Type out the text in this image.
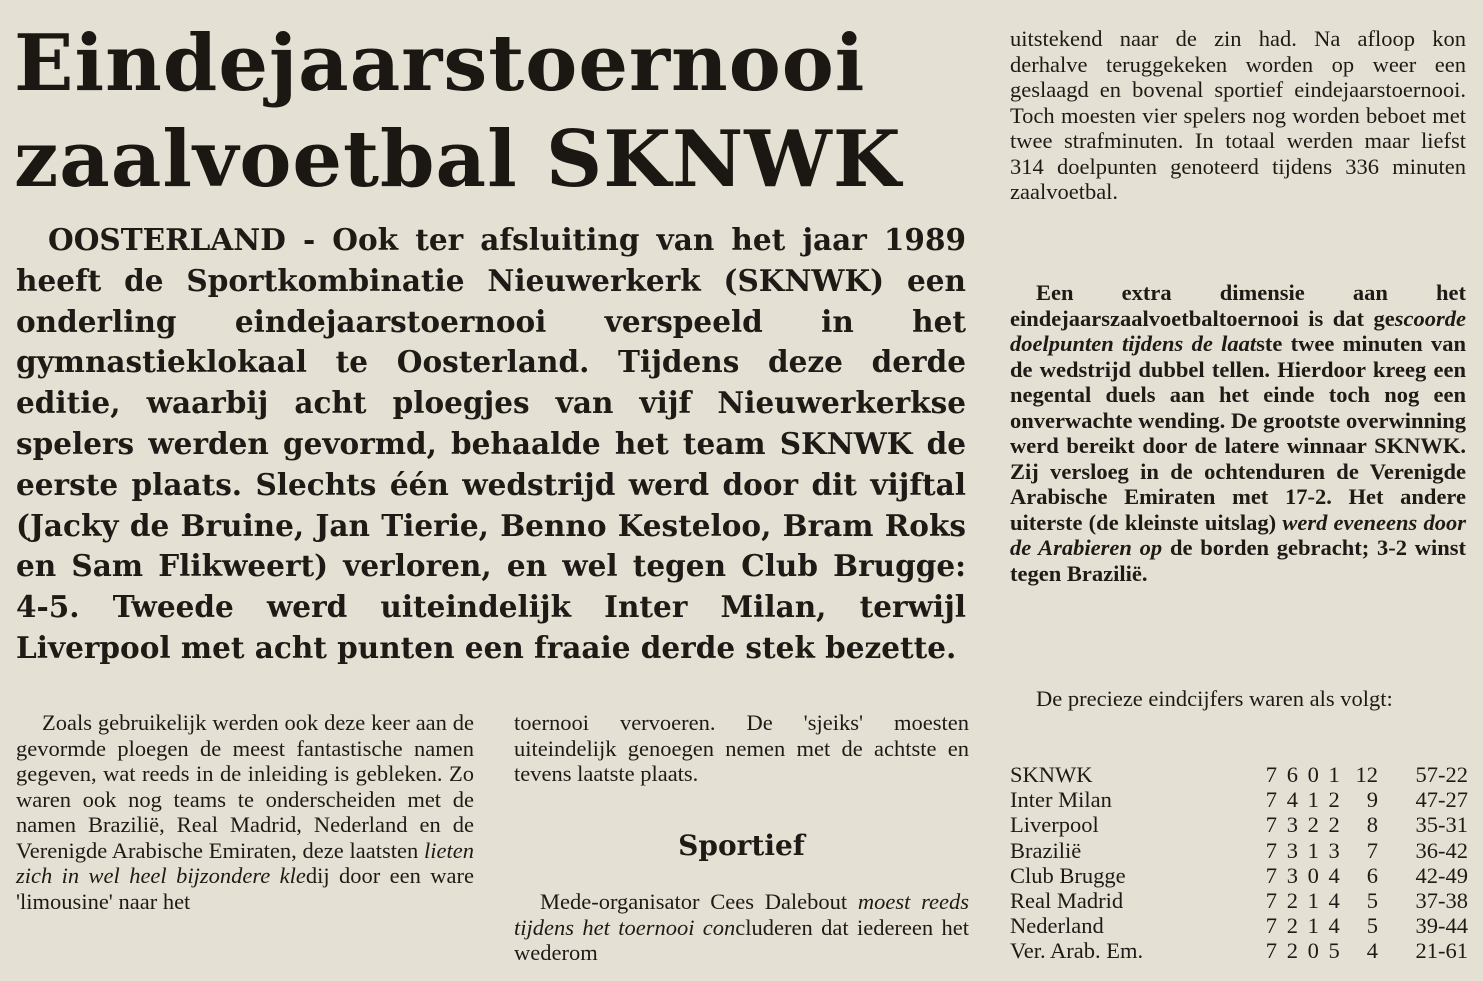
Eindejaarstoernooi
zaalvoetbal SKNWK

OOSTERLAND - Ook ter afsluiting van het jaar 1989 heeft de Sportkombinatie Nieuwerkerk (SKNWK) een onderling eindejaarstoernooi verspeeld in het gymnastieklokaal te Oosterland. Tijdens deze derde editie, waarbij acht ploegjes van vijf Nieuwerkerkse spelers werden gevormd, behaalde het team SKNWK de eerste plaats. Slechts één wedstrijd werd door dit vijftal (Jacky de Bruine, Jan Tierie, Benno Kesteloo, Bram Roks en Sam Flikweert) verloren, en wel tegen Club Brugge: 4-5. Tweede werd uiteindelijk Inter Milan, terwijl Liverpool met acht punten een fraaie derde stek bezette.

Zoals gebruikelijk werden ook deze keer aan de gevormde ploegen de meest fantastische namen gegeven, wat reeds in de inleiding is gebleken. Zo waren ook nog teams te onderscheiden met de namen Brazilië, Real Madrid, Nederland en de Verenigde Arabische Emiraten, deze laatsten lieten zich in wel heel bijzondere kledij door een ware 'limousine' naar het

toernooi vervoeren. De 'sjeiks' moesten uiteindelijk genoegen nemen met de achtste en tevens laatste plaats.

Sportief

Mede-organisator Cees Dalebout moest reeds tijdens het toernooi concluderen dat iedereen het wederom

uitstekend naar de zin had. Na afloop kon derhalve teruggekeken worden op weer een geslaagd en bovenal sportief eindejaarstoernooi. Toch moesten vier spelers nog worden beboet met twee strafminuten. In totaal werden maar liefst 314 doelpunten genoteerd tijdens 336 minuten zaalvoetbal.

Een extra dimensie aan het eindejaarszaalvoetbaltoernooi is dat gescoorde doelpunten tijdens de laatste twee minuten van de wedstrijd dubbel tellen. Hierdoor kreeg een negental duels aan het einde toch nog een onverwachte wending. De grootste overwinning werd bereikt door de latere winnaar SKNWK. Zij versloeg in de ochtenduren de Verenigde Arabische Emiraten met 17-2. Het andere uiterste (de kleinste uitslag) werd eveneens door de Arabieren op de borden gebracht; 3-2 winst tegen Brazilië.

De precieze eindcijfers waren als volgt:

SKNWK	7	6	0	1	12	57-22
Inter Milan	7	4	1	2	9	47-27
Liverpool	7	3	2	2	8	35-31
Brazilië	7	3	1	3	7	36-42
Club Brugge	7	3	0	4	6	42-49
Real Madrid	7	2	1	4	5	37-38
Nederland	7	2	1	4	5	39-44
Ver. Arab. Em.	7	2	0	5	4	21-61
